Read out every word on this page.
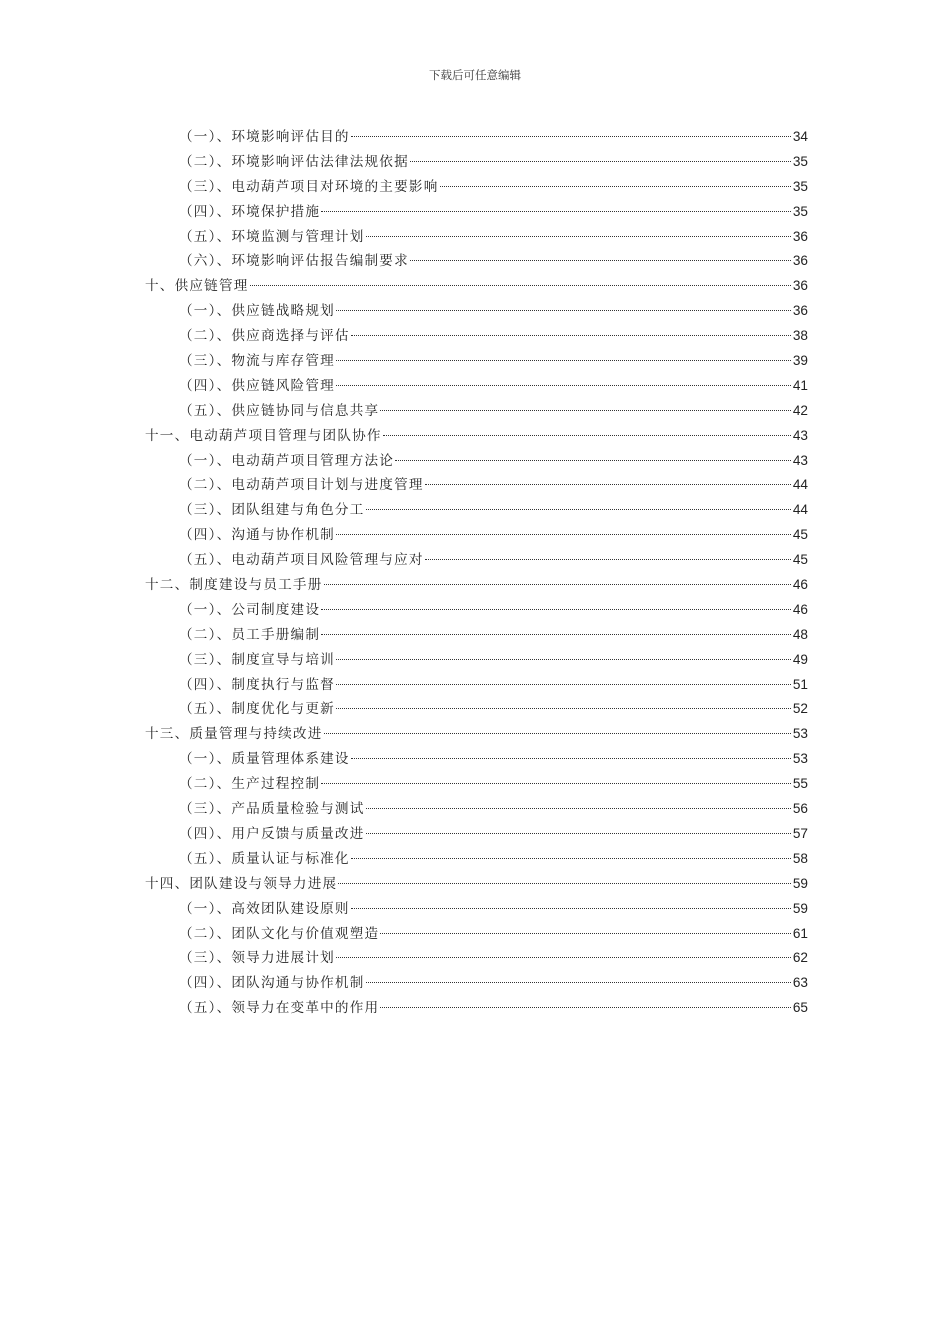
下载后可任意编辑
（一）、环境影响评估目的	34
（二）、环境影响评估法律法规依据	35
（三）、电动葫芦项目对环境的主要影响	35
（四）、环境保护措施	35
（五）、环境监测与管理计划	36
（六）、环境影响评估报告编制要求	36
十、供应链管理	36
（一）、供应链战略规划	36
（二）、供应商选择与评估	38
（三）、物流与库存管理	39
（四）、供应链风险管理	41
（五）、供应链协同与信息共享	42
十一、电动葫芦项目管理与团队协作	43
（一）、电动葫芦项目管理方法论	43
（二）、电动葫芦项目计划与进度管理	44
（三）、团队组建与角色分工	44
（四）、沟通与协作机制	45
（五）、电动葫芦项目风险管理与应对	45
十二、制度建设与员工手册	46
（一）、公司制度建设	46
（二）、员工手册编制	48
（三）、制度宣导与培训	49
（四）、制度执行与监督	51
（五）、制度优化与更新	52
十三、质量管理与持续改进	53
（一）、质量管理体系建设	53
（二）、生产过程控制	55
（三）、产品质量检验与测试	56
（四）、用户反馈与质量改进	57
（五）、质量认证与标准化	58
十四、团队建设与领导力进展	59
（一）、高效团队建设原则	59
（二）、团队文化与价值观塑造	61
（三）、领导力进展计划	62
（四）、团队沟通与协作机制	63
（五）、领导力在变革中的作用	65
